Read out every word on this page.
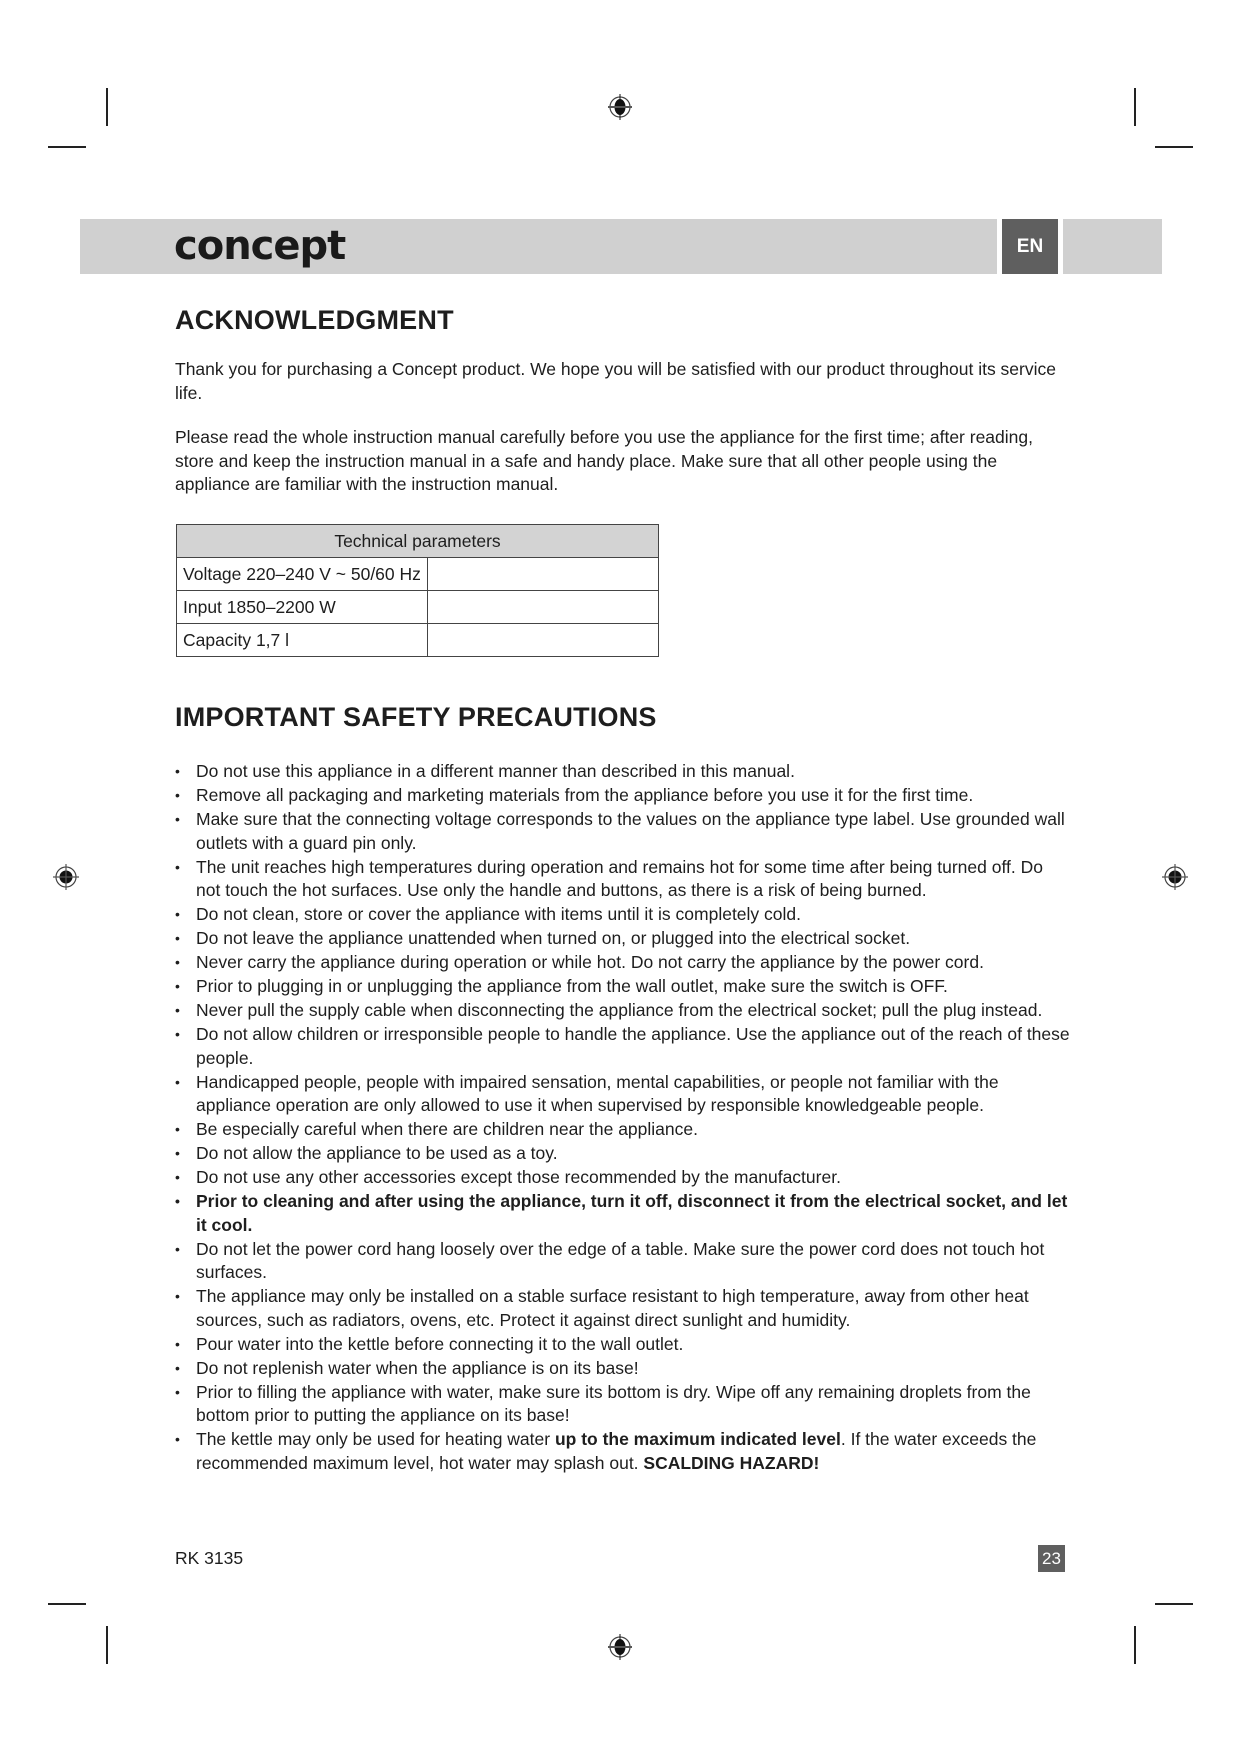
concept	EN
ACKNOWLEDGMENT

Thank you for purchasing a Concept product. We hope you will be satisfied with our product throughout its service life.

Please read the whole instruction manual carefully before you use the appliance for the first time; after reading, store and keep the instruction manual in a safe and handy place. Make sure that all other people using the appliance are familiar with the instruction manual.

Technical parameters	
Voltage 220–240 V ~ 50/60 Hz	
Input 1850–2200 W	
Capacity 1,7 l	
IMPORTANT SAFETY PRECAUTIONS
• Do not use this appliance in a different manner than described in this manual.
• Remove all packaging and marketing materials from the appliance before you use it for the first time.
• Make sure that the connecting voltage corresponds to the values on the appliance type label. Use grounded wall outlets with a guard pin only.
• The unit reaches high temperatures during operation and remains hot for some time after being turned off. Do not touch the hot surfaces. Use only the handle and buttons, as there is a risk of being burned.
• Do not clean, store or cover the appliance with items until it is completely cold.
• Do not leave the appliance unattended when turned on, or plugged into the electrical socket.
• Never carry the appliance during operation or while hot. Do not carry the appliance by the power cord.
• Prior to plugging in or unplugging the appliance from the wall outlet, make sure the switch is OFF.
• Never pull the supply cable when disconnecting the appliance from the electrical socket; pull the plug instead.
• Do not allow children or irresponsible people to handle the appliance. Use the appliance out of the reach of these people.
• Handicapped people, people with impaired sensation, mental capabilities, or people not familiar with the appliance operation are only allowed to use it when supervised by responsible knowledgeable people.
• Be especially careful when there are children near the appliance.
• Do not allow the appliance to be used as a toy.
• Do not use any other accessories except those recommended by the manufacturer.
• Prior to cleaning and after using the appliance, turn it off, disconnect it from the electrical socket, and let it cool.
• Do not let the power cord hang loosely over the edge of a table. Make sure the power cord does not touch hot surfaces.
• The appliance may only be installed on a stable surface resistant to high temperature, away from other heat sources, such as radiators, ovens, etc. Protect it against direct sunlight and humidity.
• Pour water into the kettle before connecting it to the wall outlet.
• Do not replenish water when the appliance is on its base!
• Prior to filling the appliance with water, make sure its bottom is dry. Wipe off any remaining droplets from the bottom prior to putting the appliance on its base!
• The kettle may only be used for heating water up to the maximum indicated level. If the water exceeds the recommended maximum level, hot water may splash out. SCALDING HAZARD!
RK 3135	23
